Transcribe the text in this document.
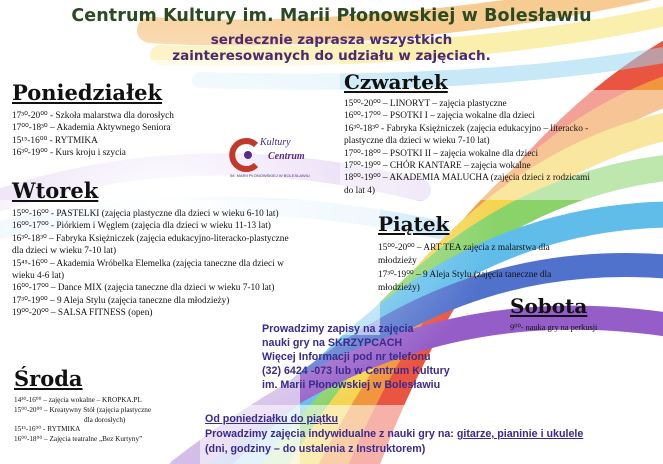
Centrum Kultury im. Marii Płonowskiej w Bolesławiu
serdecznie zaprasza wszystkich
zainteresowanych do udziału w zajęciach.
Poniedziałek
17³⁰-20⁰⁰ - Szkoła malarstwa dla dorosłych
17⁰⁰-18³⁰ – Akademia Aktywnego Seniora
15¹⁵-16⁰⁰ - RYTMIKA
16³⁰-19⁰⁰ - Kurs kroju i szycia
Kultury
Centrum
IM. MARII PŁONOWSKIEJ W BOLESŁAWIU
Wtorek
15⁰⁰-16⁰⁰ - PASTELKI (zajęcia plastyczne dla dzieci w wieku 6-10 lat)
16⁰⁰-17⁰⁰ - Piórkiem i Węglem (zajęcia dla dzieci w wieku 11-13 lat)
16³⁰-18³⁰ – Fabryka Księżniczek (zajęcia edukacyjno-literacko-plastyczne
dla dzieci w wieku 7-10 lat)
15⁴⁵-16⁰⁰ – Akademia Wróbelka Elemelka (zajęcia taneczne dla dzieci w
wieku 4-6 lat)
16⁰⁰-17⁰⁰ – Dance MIX (zajęcia taneczne dla dzieci w wieku 7-10 lat)
17³⁰-19⁰⁰ – 9 Aleja Stylu (zajęcia taneczne dla młodzieży)
19⁰⁰-20⁰⁰ – SALSA FITNESS (open)
Środa
14³⁰-16⁰⁰ – zajęcia wokalne – KROPKA.PL
15⁰⁰-20⁰⁰ – Kreatywny Stół (zajęcia plastyczne
dla dorosłych)
15¹⁵-16⁰⁰ - RYTMIKA
16⁰⁰-18⁰⁰ – Zajęcia teatralne „Bez Kurtyny”
Czwartek
15⁰⁰-20⁰⁰ – LINORYT – zajęcia plastyczne
16⁰⁰-17⁰⁰ – PSOTKI I – zajęcia wokalne dla dzieci
16³⁰-18³⁰ - Fabryka Księżniczek (zajęcia edukacyjno – literacko -
plastyczne dla dzieci w wieku 7-10 lat)
17⁰⁰-18⁰⁰ – PSOTKI II – zajęcia wokalne dla dzieci
17⁰⁰-19⁰⁰ – CHÓR KANTARE – zajęcia wokalne
18⁰⁰-19⁰⁰ – AKADEMIA MALUCHA (zajęcia dzieci z rodzicami
do lat 4)
Piątek
15⁰⁰-20⁰⁰ – ART TEA zajęcia z malarstwa dla
młodzieży
17³⁰-19⁰⁰ – 9 Aleja Stylu (zajęcia taneczne dla
młodzieży)
Sobota
9⁰⁰- nauka gry na perkusji
Prowadzimy zapisy na zajęcia
nauki gry na SKRZYPCACH
Więcej Informacji pod nr telefonu
(32) 6424 -073 lub w Centrum Kultury
im. Marii Płonowskiej w Bolesławiu
Od poniedziałku do piątku
Prowadzimy zajęcia indywidualne z nauki gry na: gitarze, pianinie i ukulele
(dni, godziny – do ustalenia z Instruktorem)
